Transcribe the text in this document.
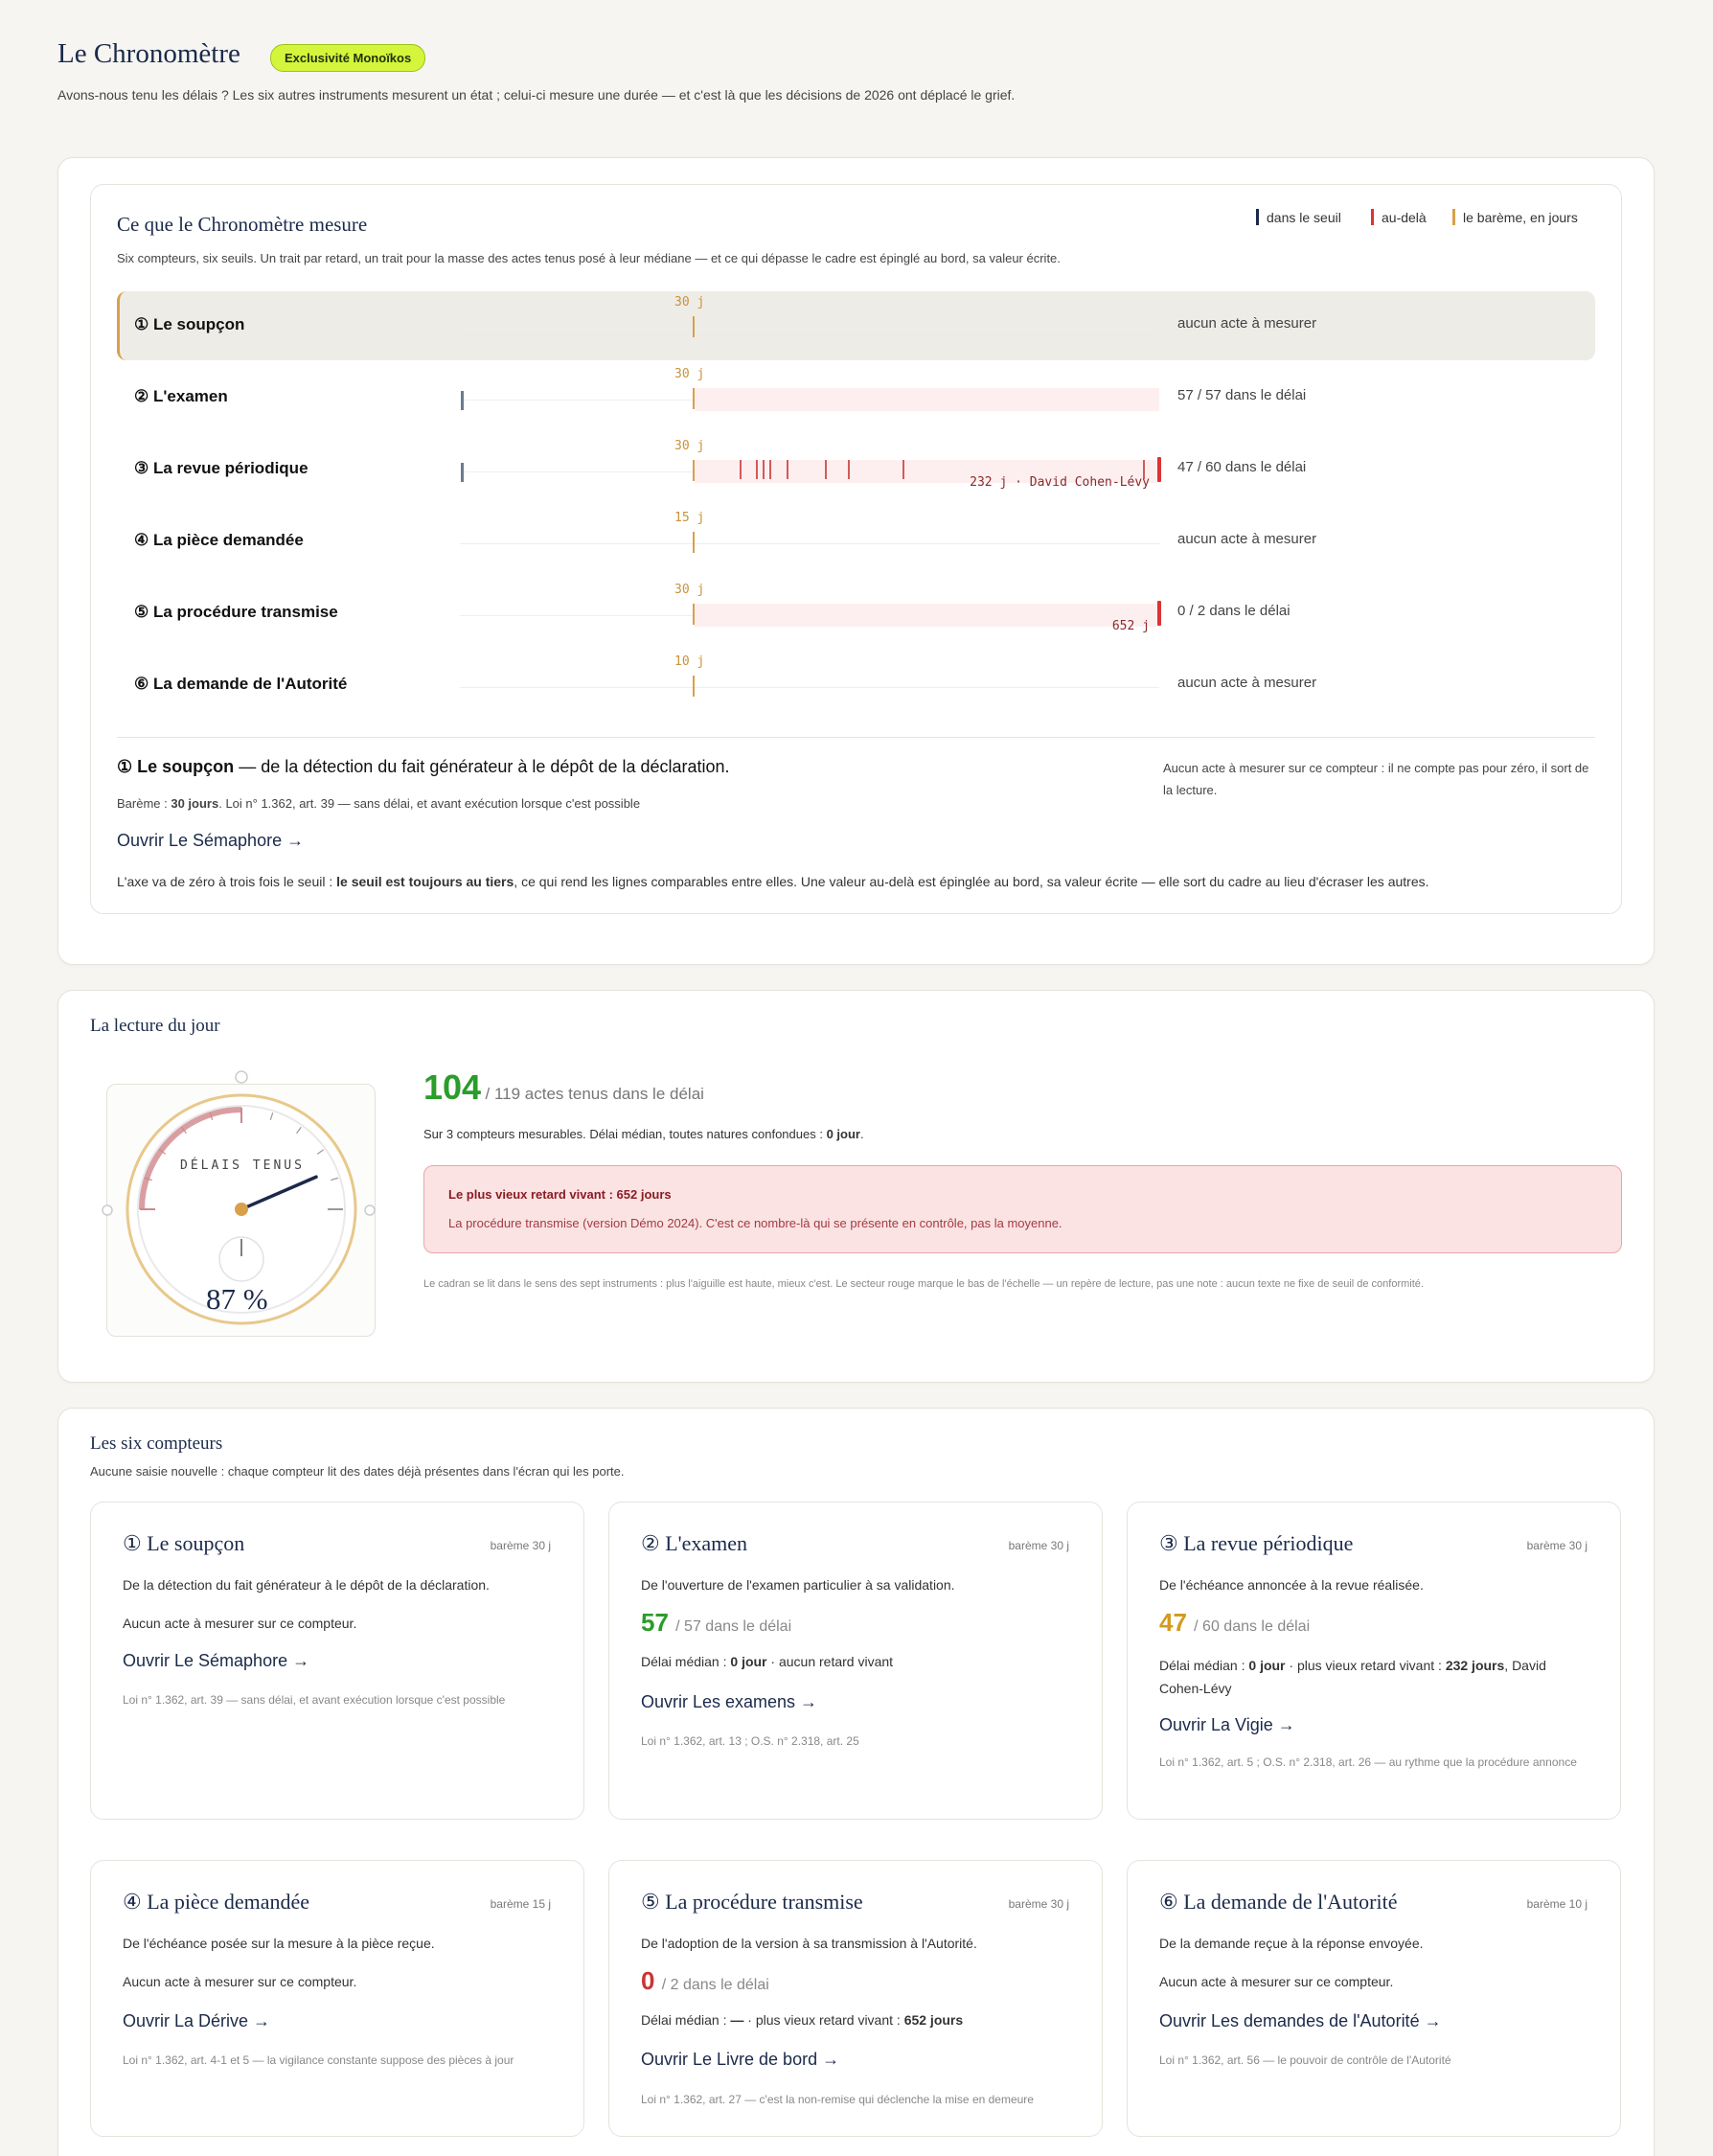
Le Chronomètre	Exclusivité Monoïkos
Avons-nous tenu les délais ? Les six autres instruments mesurent un état ; celui-ci mesure une durée — et c'est là que les décisions de 2026 ont déplacé le grief.
Ce que le Chronomètre mesure
Six compteurs, six seuils. Un trait par retard, un trait pour la masse des actes tenus posé à leur médiane — et ce qui dépasse le cadre est épinglé au bord, sa valeur écrite.
dans le seuil	au-delà	le barème, en jours
① Le soupçon
30 j
aucun acte à mesurer
② L'examen
30 j
57 / 57 dans le délai
③ La revue périodique
232 j · David Cohen-Lévy
30 j
47 / 60 dans le délai
④ La pièce demandée
15 j
aucun acte à mesurer
⑤ La procédure transmise
652 j
30 j
0 / 2 dans le délai
⑥ La demande de l'Autorité
10 j
aucun acte à mesurer
① Le soupçon — de la détection du fait générateur à le dépôt de la déclaration.
Barème : 30 jours. Loi n° 1.362, art. 39 — sans délai, et avant exécution lorsque c'est possible
Ouvrir Le Sémaphore →
Aucun acte à mesurer sur ce compteur : il ne compte pas pour zéro, il sort de la lecture.
L'axe va de zéro à trois fois le seuil : le seuil est toujours au tiers, ce qui rend les lignes comparables entre elles. Une valeur au-delà est épinglée au bord, sa valeur écrite — elle sort du cadre au lieu d'écraser les autres.
La lecture du jour
DÉLAIS TENUS
87 %
104 / 119 actes tenus dans le délai
Sur 3 compteurs mesurables. Délai médian, toutes natures confondues : 0 jour.
Le plus vieux retard vivant : 652 jours
La procédure transmise (version Démo 2024). C'est ce nombre-là qui se présente en contrôle, pas la moyenne.
Le cadran se lit dans le sens des sept instruments : plus l'aiguille est haute, mieux c'est. Le secteur rouge marque le bas de l'échelle — un repère de lecture, pas une note : aucun texte ne fixe de seuil de conformité.
Les six compteurs
Aucune saisie nouvelle : chaque compteur lit des dates déjà présentes dans l'écran qui les porte.
① Le soupçon	barème 30 j
De la détection du fait générateur à le dépôt de la déclaration.
Aucun acte à mesurer sur ce compteur.
Ouvrir Le Sémaphore →
Loi n° 1.362, art. 39 — sans délai, et avant exécution lorsque c'est possible
② L'examen	barème 30 j
De l'ouverture de l'examen particulier à sa validation.
57 / 57 dans le délai
Délai médian : 0 jour · aucun retard vivant
Ouvrir Les examens →
Loi n° 1.362, art. 13 ; O.S. n° 2.318, art. 25
③ La revue périodique	barème 30 j
De l'échéance annoncée à la revue réalisée.
47 / 60 dans le délai
Délai médian : 0 jour · plus vieux retard vivant : 232 jours, David Cohen-Lévy
Ouvrir La Vigie →
Loi n° 1.362, art. 5 ; O.S. n° 2.318, art. 26 — au rythme que la procédure annonce
④ La pièce demandée	barème 15 j
De l'échéance posée sur la mesure à la pièce reçue.
Aucun acte à mesurer sur ce compteur.
Ouvrir La Dérive →
Loi n° 1.362, art. 4-1 et 5 — la vigilance constante suppose des pièces à jour
⑤ La procédure transmise	barème 30 j
De l'adoption de la version à sa transmission à l'Autorité.
0 / 2 dans le délai
Délai médian : — · plus vieux retard vivant : 652 jours
Ouvrir Le Livre de bord →
Loi n° 1.362, art. 27 — c'est la non-remise qui déclenche la mise en demeure
⑥ La demande de l'Autorité	barème 10 j
De la demande reçue à la réponse envoyée.
Aucun acte à mesurer sur ce compteur.
Ouvrir Les demandes de l'Autorité →
Loi n° 1.362, art. 56 — le pouvoir de contrôle de l'Autorité
